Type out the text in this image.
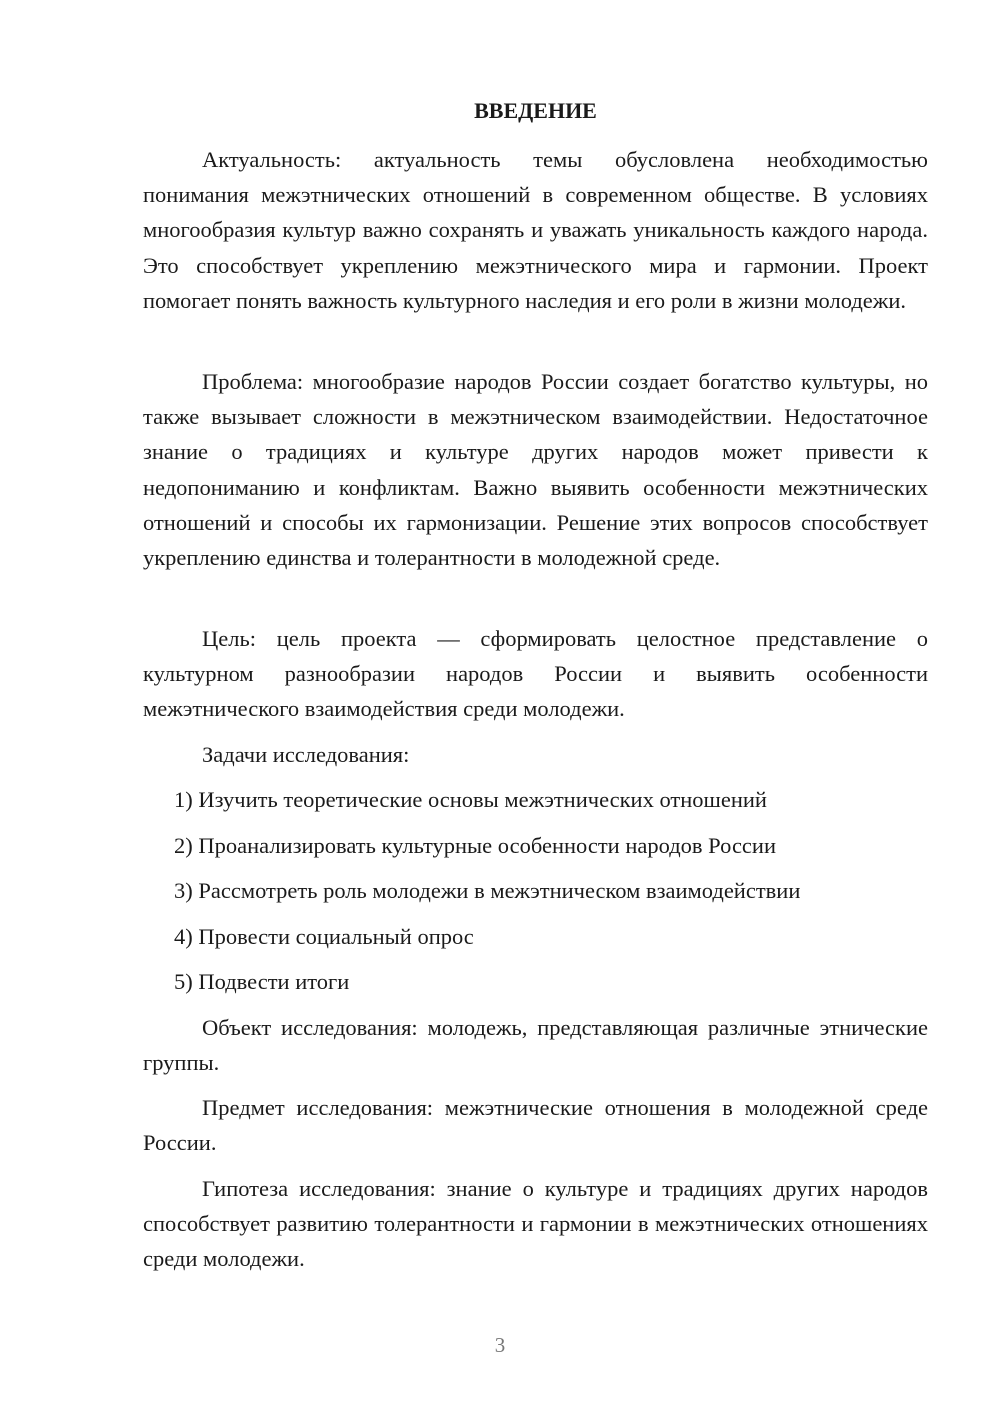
ВВЕДЕНИЕ

Актуальность: актуальность темы обусловлена необходимостью понимания межэтнических отношений в современном обществе. В условиях многообразия культур важно сохранять и уважать уникальность каждого народа. Это способствует укреплению межэтнического мира и гармонии. Проект помогает понять важность культурного наследия и его роли в жизни молодежи.

Проблема: многообразие народов России создает богатство культуры, но также вызывает сложности в межэтническом взаимодействии. Недостаточное знание о традициях и культуре других народов может привести к недопониманию и конфликтам. Важно выявить особенности межэтнических отношений и способы их гармонизации. Решение этих вопросов способствует укреплению единства и толерантности в молодежной среде.

Цель: цель проекта — сформировать целостное представление о культурном разнообразии народов России и выявить особенности межэтнического взаимодействия среди молодежи.

Задачи исследования:

1) Изучить теоретические основы межэтнических отношений

2) Проанализировать культурные особенности народов России

3) Рассмотреть роль молодежи в межэтническом взаимодействии

4) Провести социальный опрос

5) Подвести итоги

Объект исследования: молодежь, представляющая различные этнические группы.

Предмет исследования: межэтнические отношения в молодежной среде России.

Гипотеза исследования: знание о культуре и традициях других народов способствует развитию толерантности и гармонии в межэтнических отношениях среди молодежи.

3
